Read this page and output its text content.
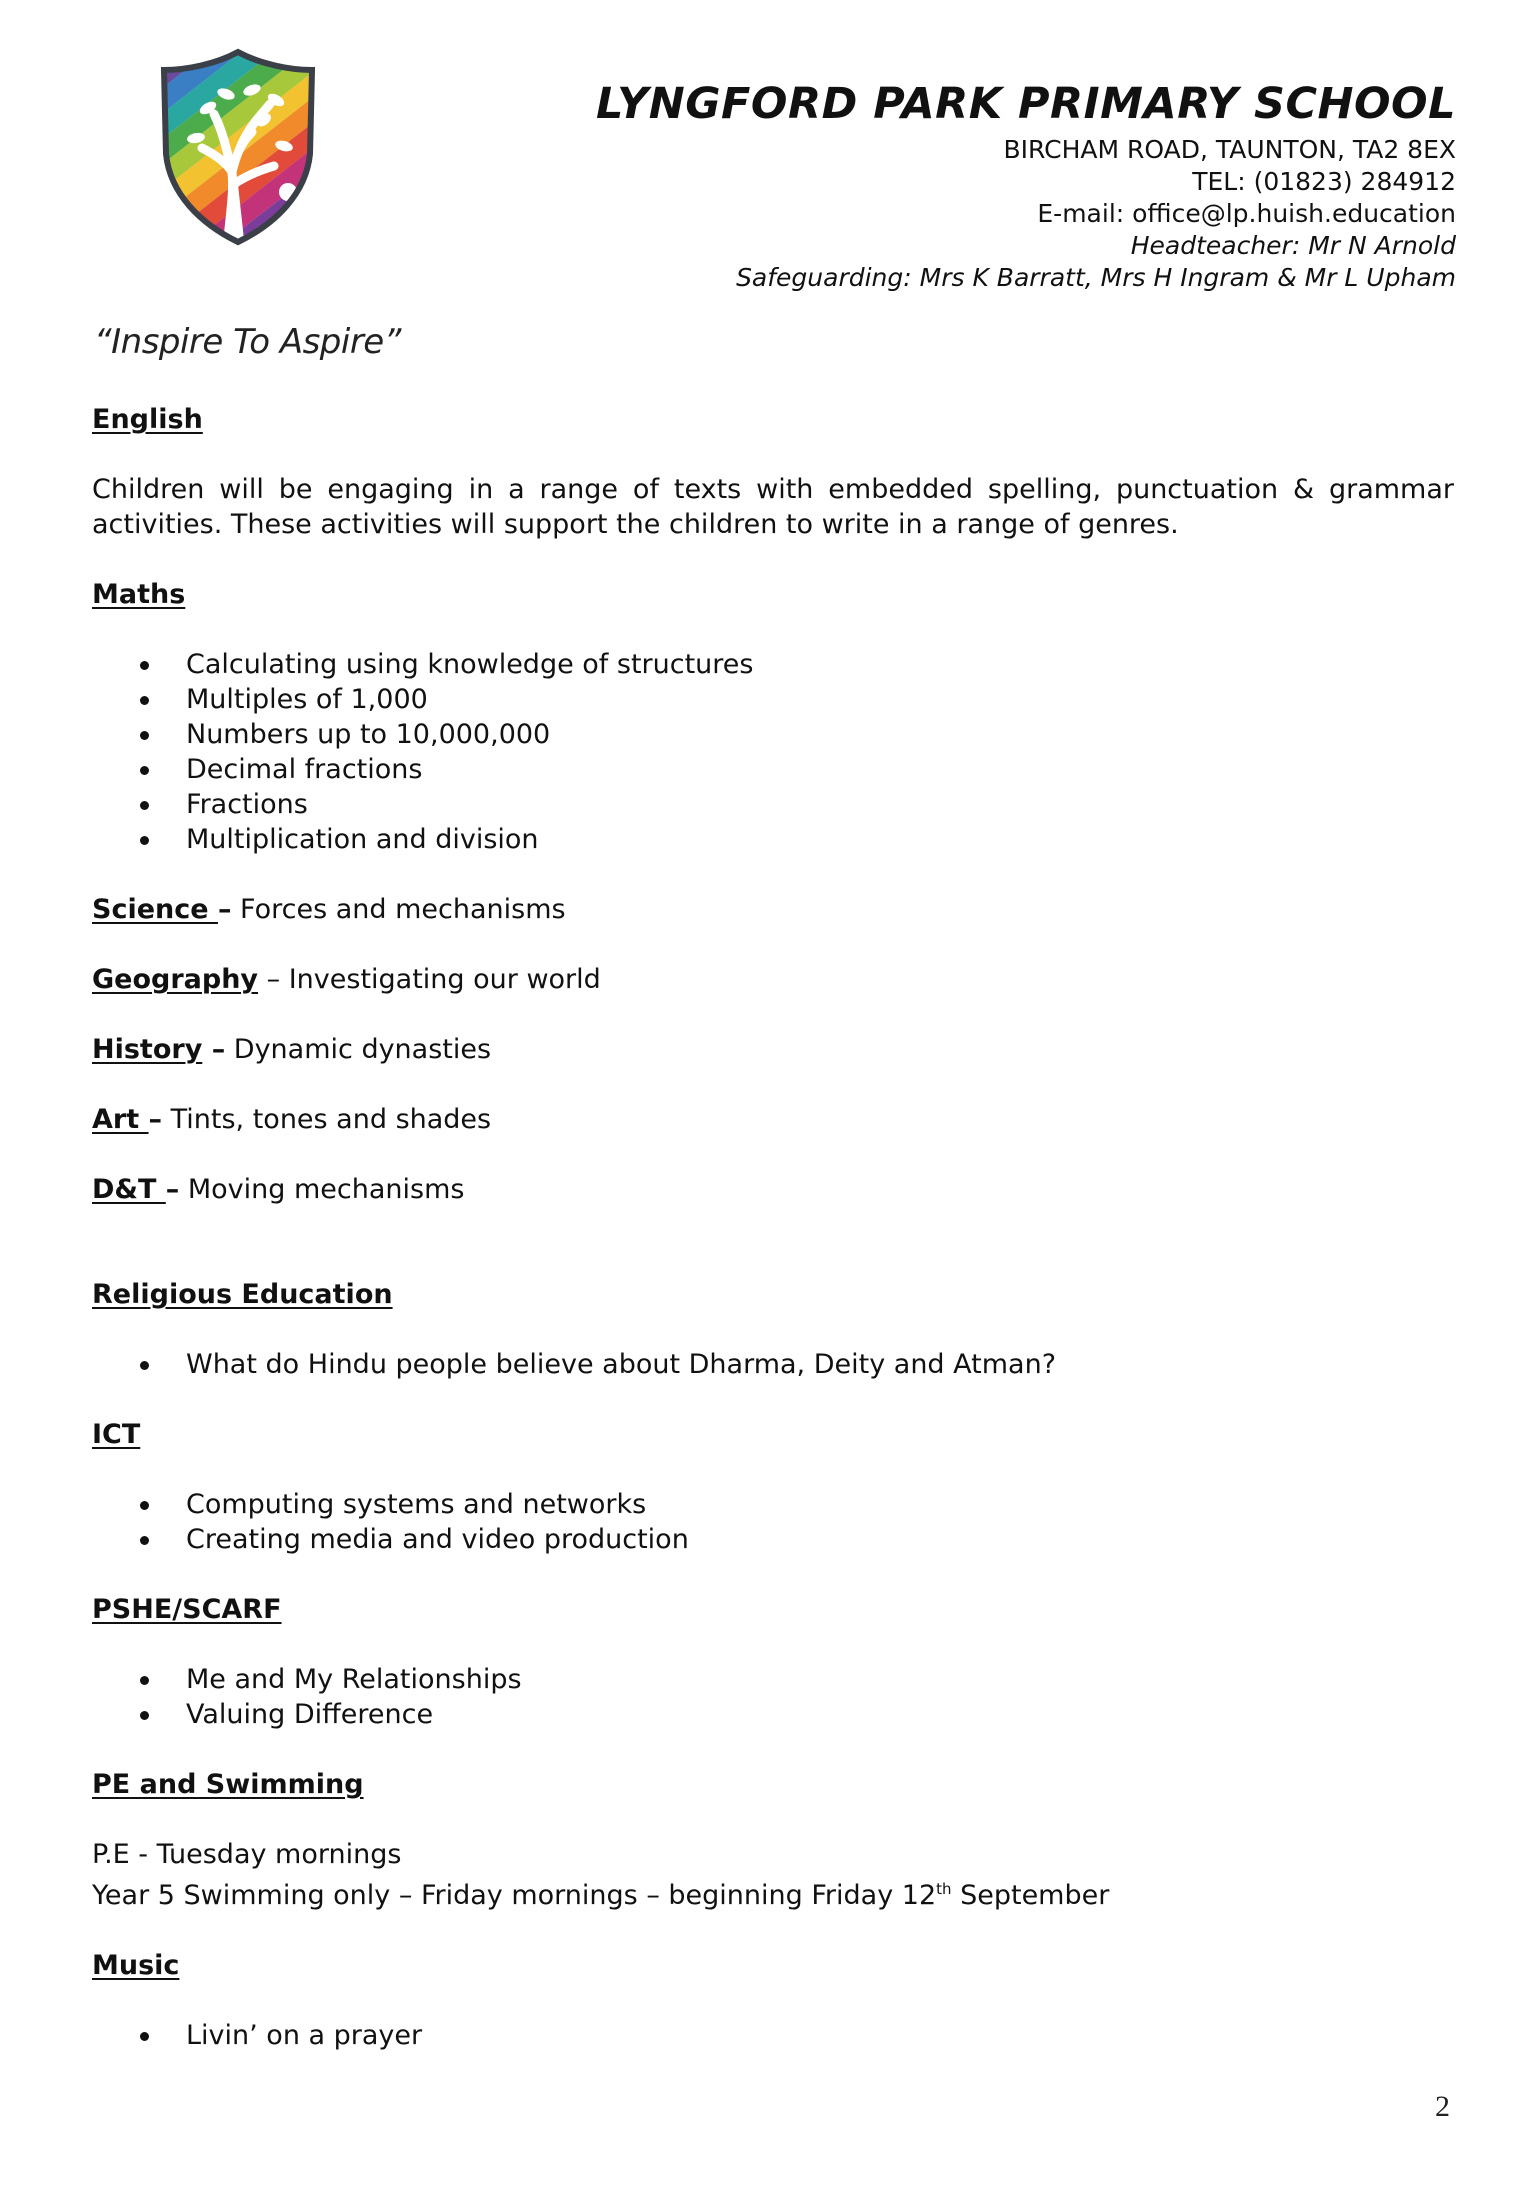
LYNGFORD PARK PRIMARY SCHOOL
BIRCHAM ROAD, TAUNTON, TA2 8EX
TEL: (01823) 284912
E-mail: office@lp.huish.education
Headteacher: Mr N Arnold
Safeguarding: Mrs K Barratt, Mrs H Ingram & Mr L Upham
“Inspire To Aspire”
English

Children will be engaging in a range of texts with embedded spelling, punctuation & grammar activities. These activities will support the children to write in a range of genres.

Maths
Calculating using knowledge of structures
Multiples of 1,000
Numbers up to 10,000,000
Decimal fractions
Fractions
Multiplication and division
Science – Forces and mechanisms
Geography – Investigating our world
History – Dynamic dynasties
Art – Tints, tones and shades
D&T – Moving mechanisms
Religious Education
What do Hindu people believe about Dharma, Deity and Atman?
ICT
Computing systems and networks
Creating media and video production
PSHE/SCARF
Me and My Relationships
Valuing Difference
PE and Swimming
P.E - Tuesday mornings
Year 5 Swimming only – Friday mornings – beginning Friday 12th September
Music
Livin’ on a prayer
2
